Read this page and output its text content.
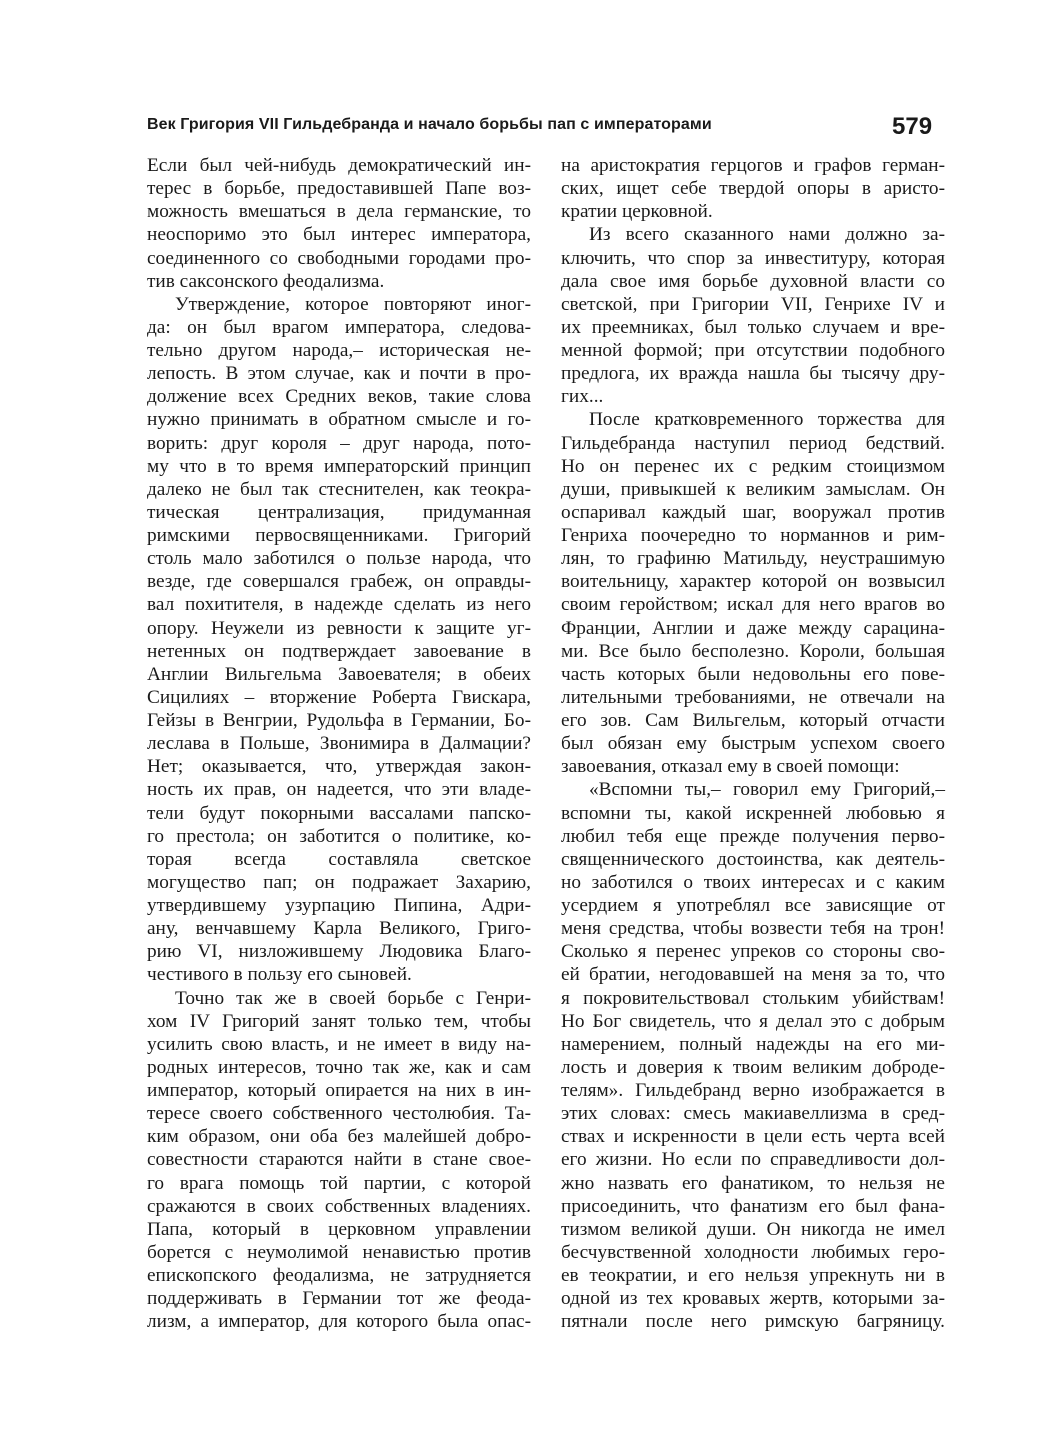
Век Григория VII Гильдебранда и начало борьбы пап с императорами	579
Если был чей-нибудь демократический ин-
терес в борьбе, предоставившей Папе воз-
можность вмешаться в дела германские, то
неоспоримо это был интерес императора,
соединенного со свободными городами про-
тив саксонского феодализма.
Утверждение, которое повторяют иног-
да: он был врагом императора, следова-
тельно другом народа,– историческая не-
лепость. В этом случае, как и почти в про-
должение всех Средних веков, такие слова
нужно принимать в обратном смысле и го-
ворить: друг короля – друг народа, пото-
му что в то время императорский принцип
далеко не был так стеснителен, как теокра-
тическая централизация, придуманная
римскими первосвященниками. Григорий
столь мало заботился о пользе народа, что
везде, где совершался грабеж, он оправды-
вал похитителя, в надежде сделать из него
опору. Неужели из ревности к защите уг-
нетенных он подтверждает завоевание в
Англии Вильгельма Завоевателя; в обеих
Сицилиях – вторжение Роберта Гвискара,
Гейзы в Венгрии, Рудольфа в Германии, Бо-
леслава в Польше, Звонимира в Далмации?
Нет; оказывается, что, утверждая закон-
ность их прав, он надеется, что эти владе-
тели будут покорными вассалами папско-
го престола; он заботится о политике, ко-
торая всегда составляла светское
могущество пап; он подражает Захарию,
утвердившему узурпацию Пипина, Адри-
ану, венчавшему Карла Великого, Григо-
рию VI, низложившему Людовика Благо-
честивого в пользу его сыновей.
Точно так же в своей борьбе с Генри-
хом IV Григорий занят только тем, чтобы
усилить свою власть, и не имеет в виду на-
родных интересов, точно так же, как и сам
император, который опирается на них в ин-
тересе своего собственного честолюбия. Та-
ким образом, они оба без малейшей добро-
совестности стараются найти в стане свое-
го врага помощь той партии, с которой
сражаются в своих собственных владениях.
Папа, который в церковном управлении
борется с неумолимой ненавистью против
епископского феодализма, не затрудняется
поддерживать в Германии тот же феода-
лизм, а император, для которого была опас-
на аристократия герцогов и графов герман-
ских, ищет себе твердой опоры в аристо-
кратии церковной.
Из всего сказанного нами должно за-
ключить, что спор за инвеституру, которая
дала свое имя борьбе духовной власти со
светской, при Григории VII, Генрихе IV и
их преемниках, был только случаем и вре-
менной формой; при отсутствии подобного
предлога, их вражда нашла бы тысячу дру-
гих...
После кратковременного торжества для
Гильдебранда наступил период бедствий.
Но он перенес их с редким стоицизмом
души, привыкшей к великим замыслам. Он
оспаривал каждый шаг, вооружал против
Генриха поочередно то норманнов и рим-
лян, то графиню Матильду, неустрашимую
воительницу, характер которой он возвысил
своим геройством; искал для него врагов во
Франции, Англии и даже между сарацина-
ми. Все было бесполезно. Короли, большая
часть которых были недовольны его пове-
лительными требованиями, не отвечали на
его зов. Сам Вильгельм, который отчасти
был обязан ему быстрым успехом своего
завоевания, отказал ему в своей помощи:
«Вспомни ты,– говорил ему Григорий,–
вспомни ты, какой искренней любовью я
любил тебя еще прежде получения перво-
священнического достоинства, как деятель-
но заботился о твоих интересах и с каким
усердием я употреблял все зависящие от
меня средства, чтобы возвести тебя на трон!
Сколько я перенес упреков со стороны сво-
ей братии, негодовавшей на меня за то, что
я покровительствовал стольким убийствам!
Но Бог свидетель, что я делал это с добрым
намерением, полный надежды на его ми-
лость и доверия к твоим великим доброде-
телям». Гильдебранд верно изображается в
этих словах: смесь макиавеллизма в сред-
ствах и искренности в цели есть черта всей
его жизни. Но если по справедливости дол-
жно назвать его фанатиком, то нельзя не
присоединить, что фанатизм его был фана-
тизмом великой души. Он никогда не имел
бесчувственной холодности любимых геро-
ев теократии, и его нельзя упрекнуть ни в
одной из тех кровавых жертв, которыми за-
пятнали после него римскую багряницу.
